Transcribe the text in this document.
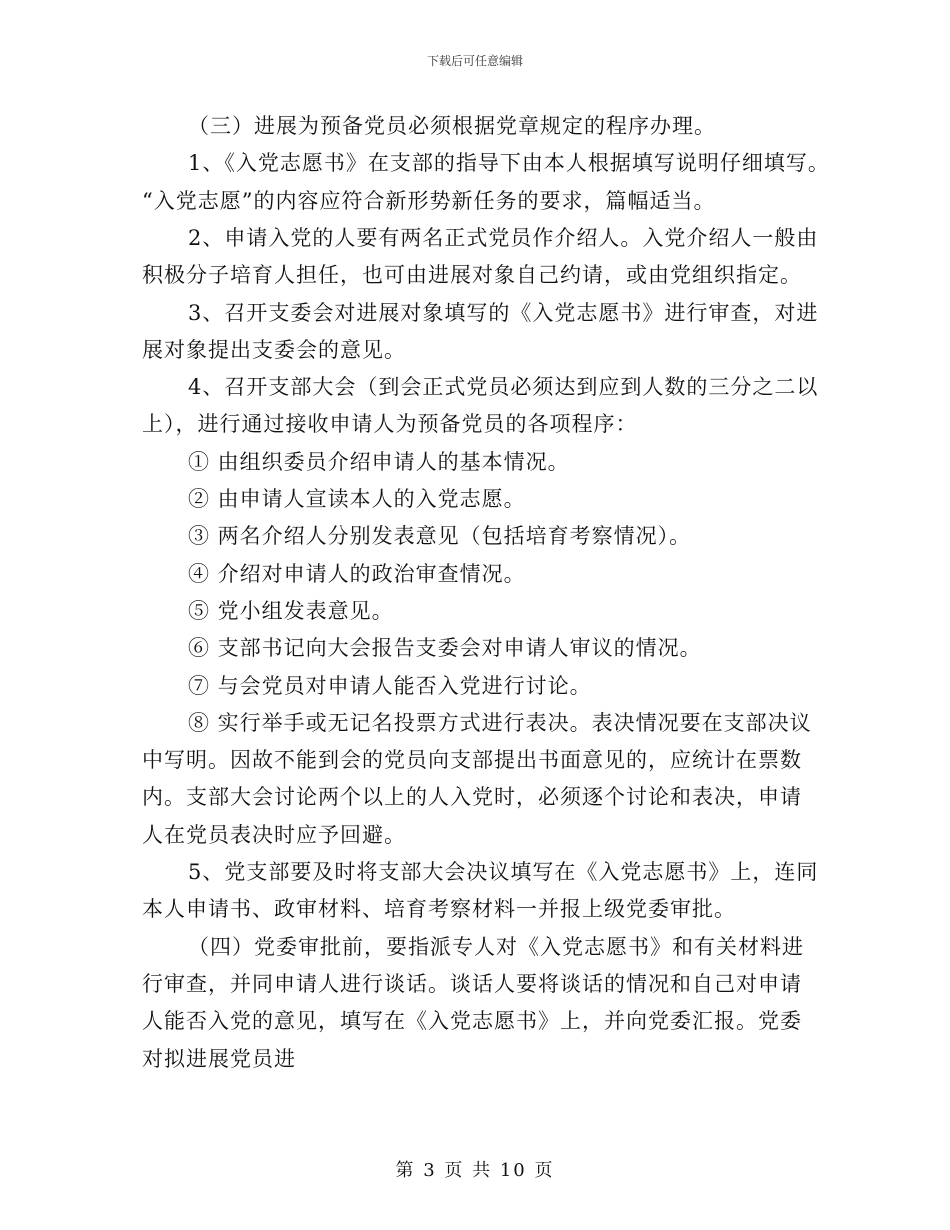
下载后可任意编辑
（三）进展为预备党员必须根据党章规定的程序办理。
1、《入党志愿书》在支部的指导下由本人根据填写说明仔细填写。
“入党志愿”的内容应符合新形势新任务的要求，篇幅适当。
2、申请入党的人要有两名正式党员作介绍人。入党介绍人一般由
积极分子培育人担任，也可由进展对象自己约请，或由党组织指定。
3、召开支委会对进展对象填写的《入党志愿书》进行审查，对进
展对象提出支委会的意见。
4、召开支部大会（到会正式党员必须达到应到人数的三分之二以
上），进行通过接收申请人为预备党员的各项程序：
① 由组织委员介绍申请人的基本情况。
② 由申请人宣读本人的入党志愿。
③ 两名介绍人分别发表意见（包括培育考察情况）。
④ 介绍对申请人的政治审查情况。
⑤ 党小组发表意见。
⑥ 支部书记向大会报告支委会对申请人审议的情况。
⑦ 与会党员对申请人能否入党进行讨论。
⑧ 实行举手或无记名投票方式进行表决。表决情况要在支部决议
中写明。因故不能到会的党员向支部提出书面意见的，应统计在票数
内。支部大会讨论两个以上的人入党时，必须逐个讨论和表决，申请
人在党员表决时应予回避。
5、党支部要及时将支部大会决议填写在《入党志愿书》上，连同
本人申请书、政审材料、培育考察材料一并报上级党委审批。
（四）党委审批前，要指派专人对《入党志愿书》和有关材料进
行审查，并同申请人进行谈话。谈话人要将谈话的情况和自己对申请
人能否入党的意见，填写在《入党志愿书》上，并向党委汇报。党委
对拟进展党员进
第 3 页 共 10 页
